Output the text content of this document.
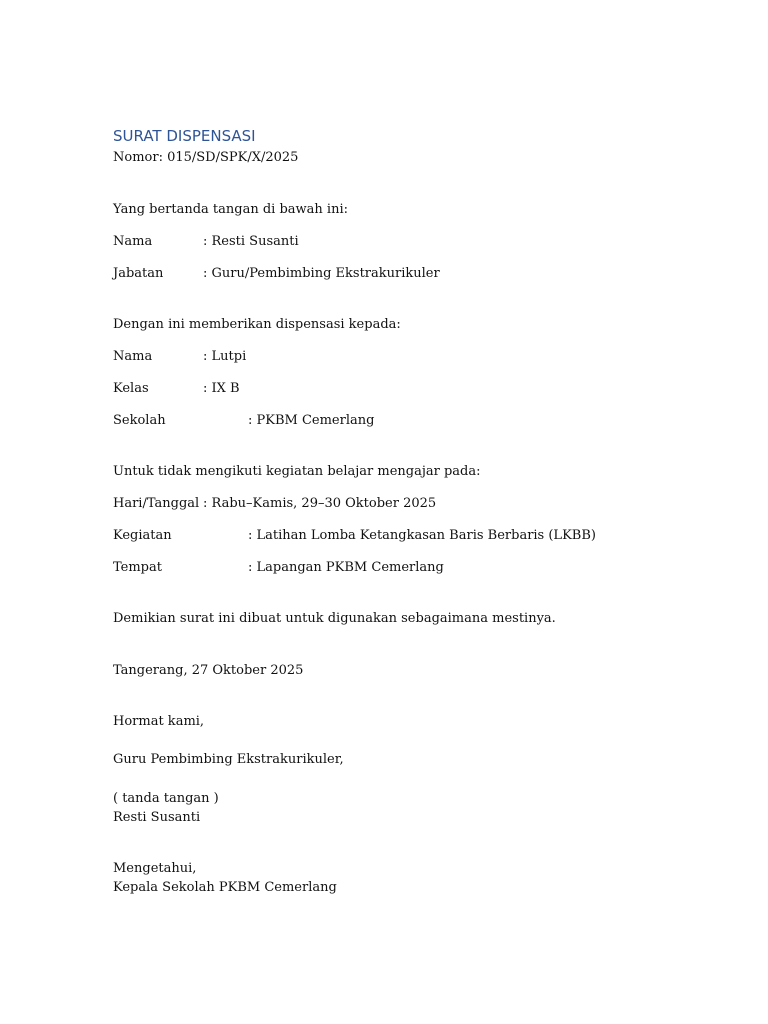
SURAT DISPENSASI
Nomor: 015/SD/SPK/X/2025
Yang bertanda tangan di bawah ini:
Nama	: Resti Susanti
Jabatan	: Guru/Pembimbing Ekstrakurikuler
Dengan ini memberikan dispensasi kepada:
Nama	: Lutpi
Kelas	: IX B
Sekolah	: PKBM Cemerlang
Untuk tidak mengikuti kegiatan belajar mengajar pada:
Hari/Tanggal : Rabu–Kamis, 29–30 Oktober 2025
Kegiatan	: Latihan Lomba Ketangkasan Baris Berbaris (LKBB)
Tempat	: Lapangan PKBM Cemerlang
Demikian surat ini dibuat untuk digunakan sebagaimana mestinya.
Tangerang, 27 Oktober 2025
Hormat kami,
Guru Pembimbing Ekstrakurikuler,
( tanda tangan )
Resti Susanti
Mengetahui,
Kepala Sekolah PKBM Cemerlang
